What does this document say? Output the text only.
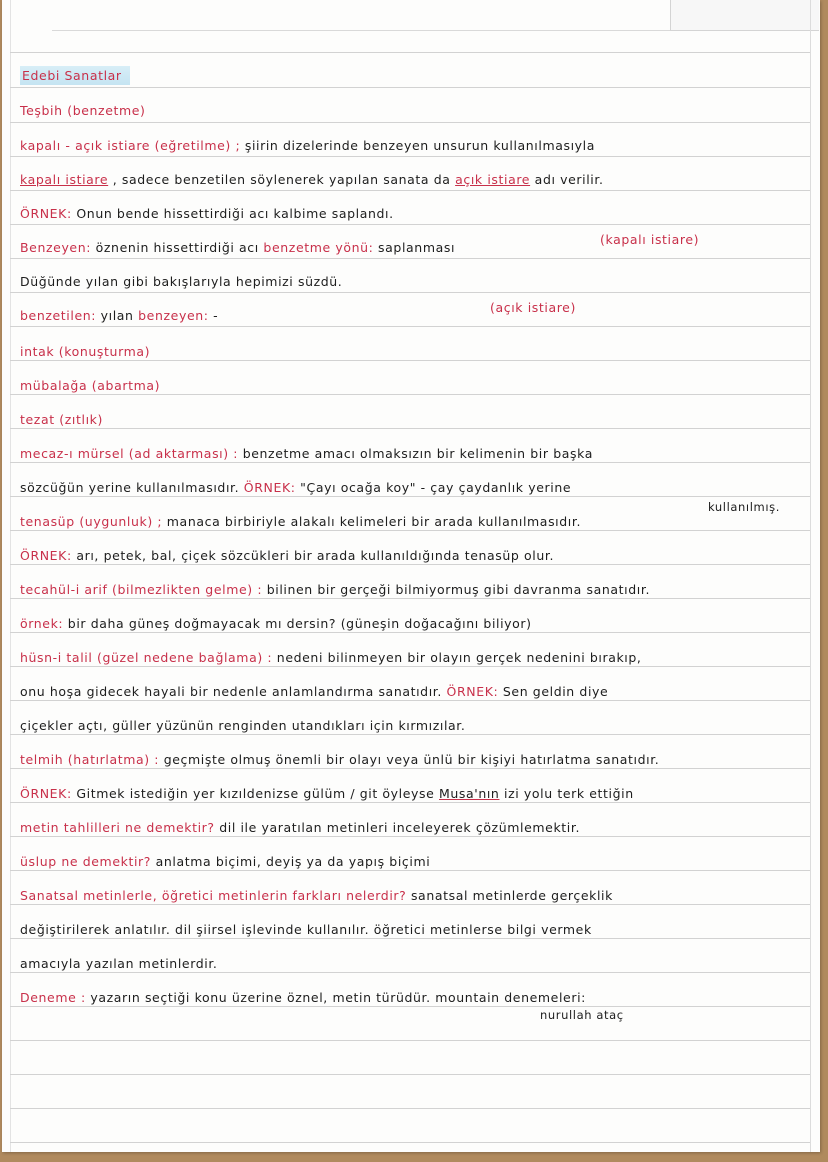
Edebi Sanatlar
Teşbih (benzetme)
kapalı - açık istiare (eğretilme) ; şiirin dizelerinde benzeyen unsurun kullanılmasıyla
kapalı istiare , sadece benzetilen söylenerek yapılan sanata da açık istiare adı verilir.
ÖRNEK: Onun bende hissettirdiği acı kalbime saplandı.
Benzeyen: öznenin hissettirdiği acı benzetme yönü: saplanması
(kapalı istiare)
Düğünde yılan gibi bakışlarıyla hepimizi süzdü.
benzetilen: yılan benzeyen: -
(açık istiare)
intak (konuşturma)
mübalağa (abartma)
tezat (zıtlık)
mecaz-ı mürsel (ad aktarması) : benzetme amacı olmaksızın bir kelimenin bir başka
sözcüğün yerine kullanılmasıdır. ÖRNEK: "Çayı ocağa koy" - çay çaydanlık yerine
kullanılmış.
tenasüp (uygunluk) ; manaca birbiriyle alakalı kelimeleri bir arada kullanılmasıdır.
ÖRNEK: arı, petek, bal, çiçek sözcükleri bir arada kullanıldığında tenasüp olur.
tecahül-i arif (bilmezlikten gelme) : bilinen bir gerçeği bilmiyormuş gibi davranma sanatıdır.
örnek: bir daha güneş doğmayacak mı dersin? (güneşin doğacağını biliyor)
hüsn-i talil (güzel nedene bağlama) : nedeni bilinmeyen bir olayın gerçek nedenini bırakıp,
onu hoşa gidecek hayali bir nedenle anlamlandırma sanatıdır. ÖRNEK: Sen geldin diye
çiçekler açtı, güller yüzünün renginden utandıkları için kırmızılar.
telmih (hatırlatma) : geçmişte olmuş önemli bir olayı veya ünlü bir kişiyi hatırlatma sanatıdır.
ÖRNEK: Gitmek istediğin yer kızıldenizse gülüm / git öyleyse Musa'nın izi yolu terk ettiğin
metin tahlilleri ne demektir? dil ile yaratılan metinleri inceleyerek çözümlemektir.
üslup ne demektir? anlatma biçimi, deyiş ya da yapış biçimi
Sanatsal metinlerle, öğretici metinlerin farkları nelerdir? sanatsal metinlerde gerçeklik
değiştirilerek anlatılır. dil şiirsel işlevinde kullanılır. öğretici metinlerse bilgi vermek
amacıyla yazılan metinlerdir.
Deneme : yazarın seçtiği konu üzerine öznel, metin türüdür. mountain denemeleri:
nurullah ataç
